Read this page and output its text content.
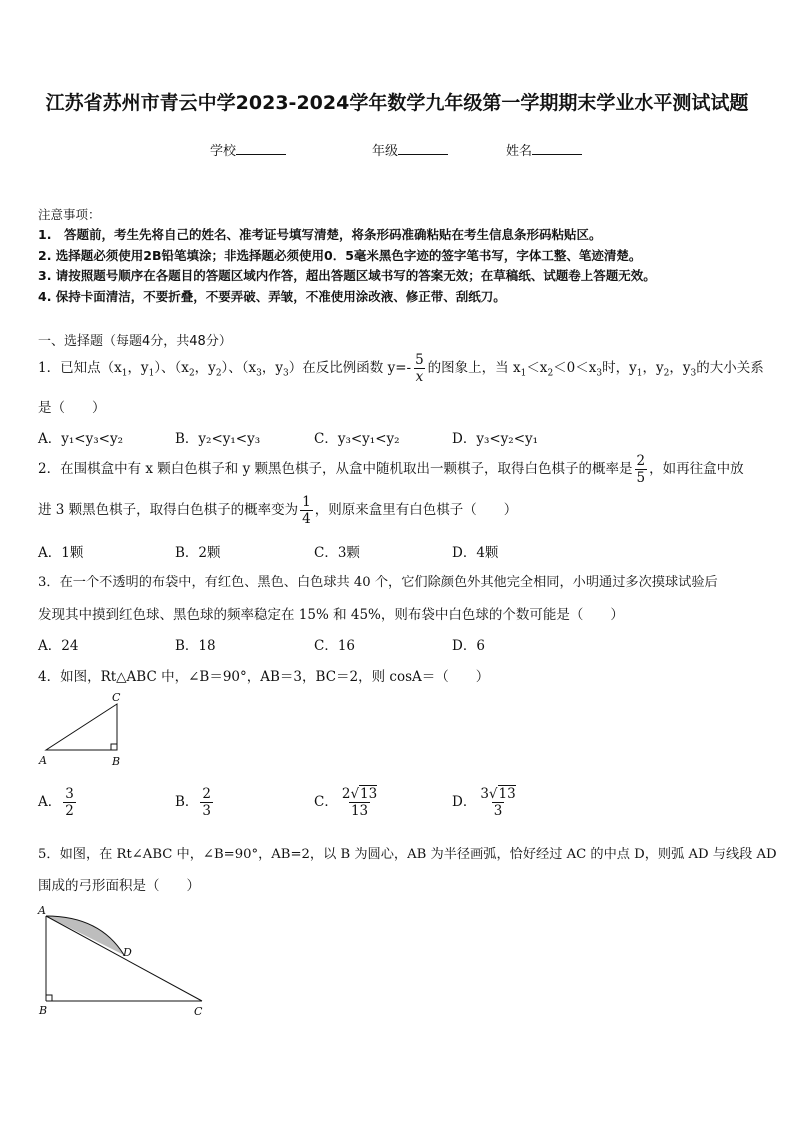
江苏省苏州市青云中学2023-2024学年数学九年级第一学期期末学业水平测试试题
学校	年级	姓名
注意事项：
1.　答题前，考生先将自己的姓名、准考证号填写清楚，将条形码准确粘贴在考生信息条形码粘贴区。
2. 选择题必须使用2B铅笔填涂；非选择题必须使用0．5毫米黑色字迹的签字笔书写，字体工整、笔迹清楚。
3. 请按照题号顺序在各题目的答题区域内作答，超出答题区域书写的答案无效；在草稿纸、试题卷上答题无效。
4. 保持卡面清洁，不要折叠，不要弄破、弄皱，不准使用涂改液、修正带、刮纸刀。
一、选择题（每题4分，共48分）
1．已知点（$x_1$，$y_1$）、（$x_2$，$y_2$）、（$x_3$，$y_3$）在反比例函数 $y=- \frac{5}{x}$ 的图象上，当 $x_1<x_2<0<x_3$时，$y_1$，$y_2$，$y_3$的大小关系
是（　　）
A．y₁<y₃<y₂	B．y₂<y₁<y₃	C．y₃<y₁<y₂	D．y₃<y₂<y₁
2．在围棋盒中有 x 颗白色棋子和 y 颗黑色棋子，从盒中随机取出一颗棋子，取得白色棋子的概率是 $\frac{2}{5}$ ，如再往盒中放
进 3 颗黑色棋子，取得白色棋子的概率变为 $\frac{1}{4}$ ，则原来盒里有白色棋子（　　）
A．1颗	B．2颗	C．3颗	D．4颗
3．在一个不透明的布袋中，有红色、黑色、白色球共 40 个，它们除颜色外其他完全相同，小明通过多次摸球试验后
发现其中摸到红色球、黑色球的频率稳定在 15% 和 45%，则布袋中白色球的个数可能是（　　）
A．24	B．18	C．16	D．6
4．如图，Rt△ABC 中，∠B＝90°，AB＝3，BC＝2，则 cosA＝（　　）
A	B
C
A． $\frac{3}{2}$	B． $\frac{2}{3}$	C． $\frac{2√13}{13}$	D． $\frac{3√13}{3}$
5．如图，在 Rt∠ABC 中，∠B=90°，AB=2，以 B 为圆心，AB 为半径画弧，恰好经过 AC 的中点 D，则弧 AD 与线段 AD
围成的弓形面积是（　　）
A
B	C
D
